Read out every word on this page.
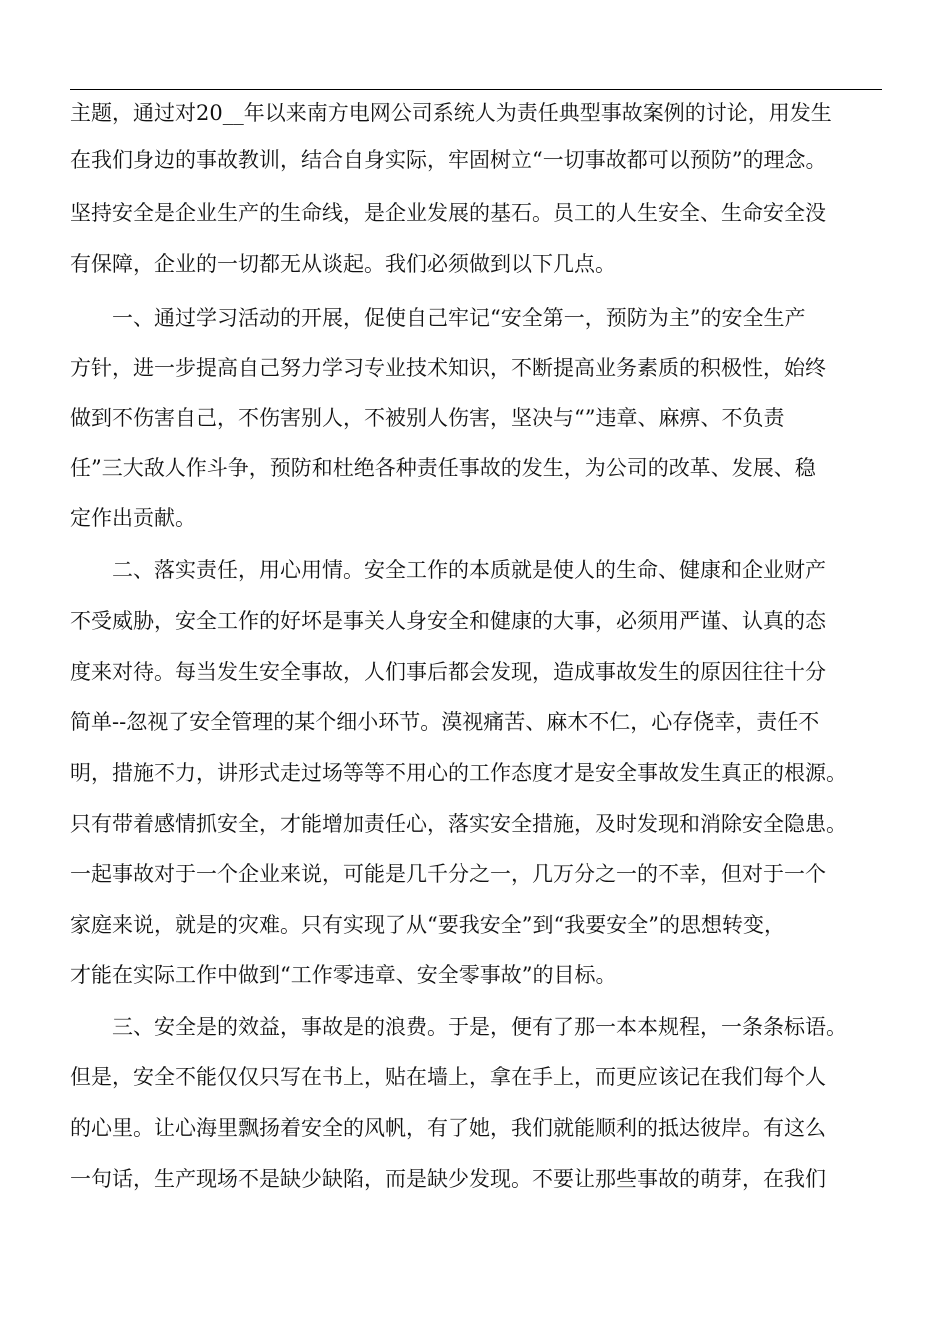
主题，通过对20__年以来南方电网公司系统人为责任典型事故案例的讨论，用发生
在我们身边的事故教训，结合自身实际，牢固树立“一切事故都可以预防”的理念。
坚持安全是企业生产的生命线，是企业发展的基石。员工的人生安全、生命安全没
有保障，企业的一切都无从谈起。我们必须做到以下几点。
一、通过学习活动的开展，促使自己牢记“安全第一，预防为主”的安全生产
方针，进一步提高自己努力学习专业技术知识，不断提高业务素质的积极性，始终
做到不伤害自己，不伤害别人，不被别人伤害，坚决与“”违章、麻痹、不负责
任”三大敌人作斗争，预防和杜绝各种责任事故的发生，为公司的改革、发展、稳
定作出贡献。
二、落实责任，用心用情。安全工作的本质就是使人的生命、健康和企业财产
不受威胁，安全工作的好坏是事关人身安全和健康的大事，必须用严谨、认真的态
度来对待。每当发生安全事故，人们事后都会发现，造成事故发生的原因往往十分
简单--忽视了安全管理的某个细小环节。漠视痛苦、麻木不仁，心存侥幸，责任不
明，措施不力，讲形式走过场等等不用心的工作态度才是安全事故发生真正的根源。
只有带着感情抓安全，才能增加责任心，落实安全措施，及时发现和消除安全隐患。
一起事故对于一个企业来说，可能是几千分之一，几万分之一的不幸，但对于一个
家庭来说，就是的灾难。只有实现了从“要我安全”到“我要安全”的思想转变，
才能在实际工作中做到“工作零违章、安全零事故”的目标。
三、安全是的效益，事故是的浪费。于是，便有了那一本本规程，一条条标语。
但是，安全不能仅仅只写在书上，贴在墙上，拿在手上，而更应该记在我们每个人
的心里。让心海里飘扬着安全的风帆，有了她，我们就能顺利的抵达彼岸。有这么
一句话，生产现场不是缺少缺陷，而是缺少发现。不要让那些事故的萌芽，在我们
